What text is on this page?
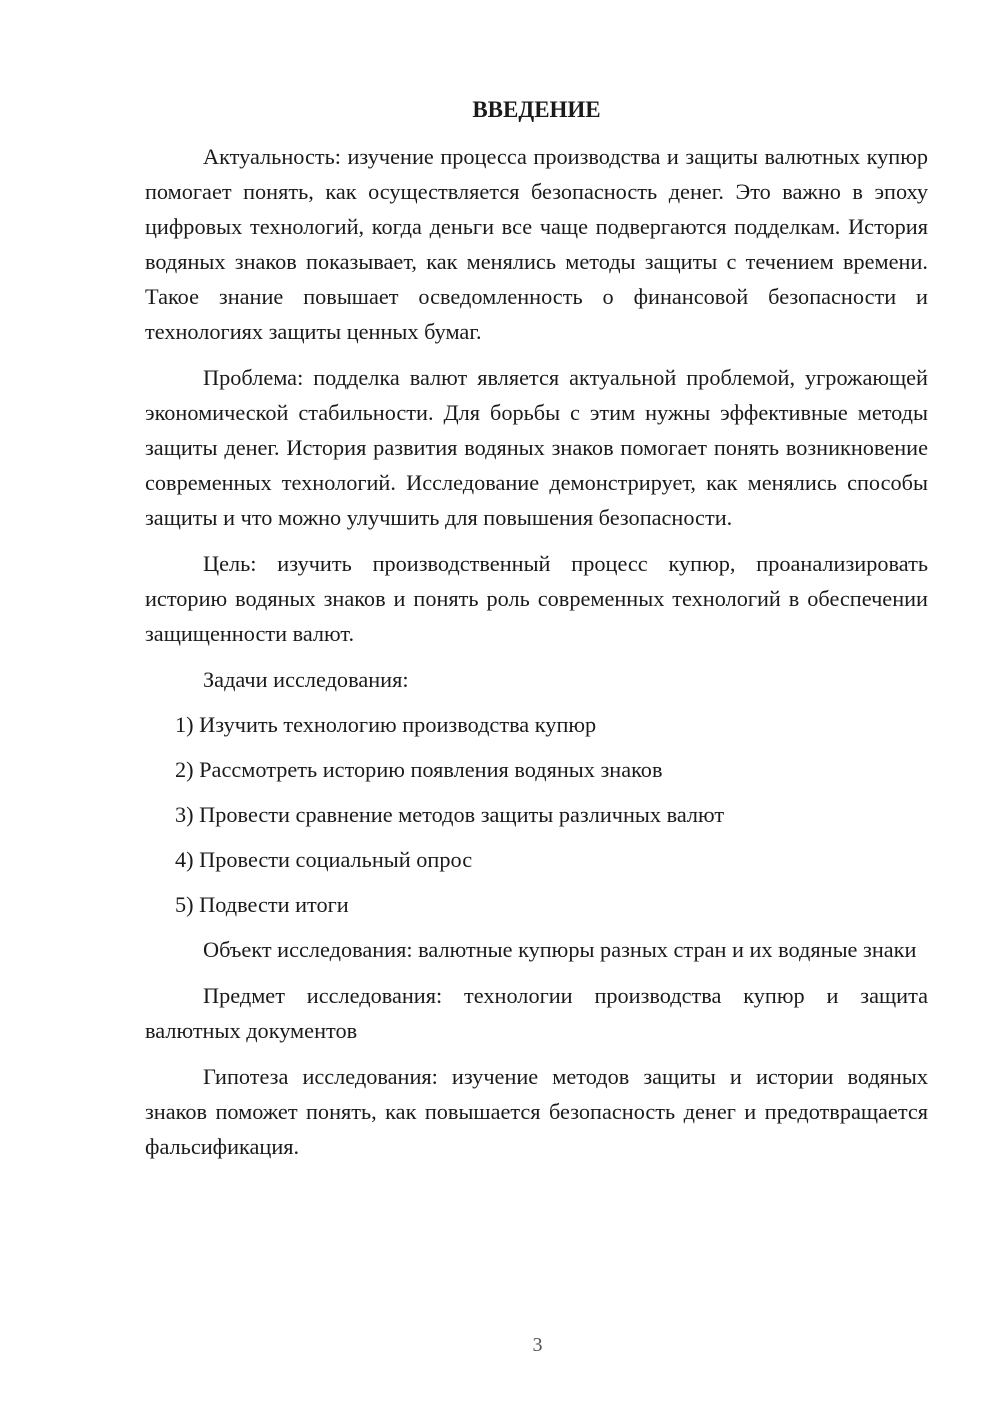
ВВЕДЕНИЕ

Актуальность: изучение процесса производства и защиты валютных купюр помогает понять, как осуществляется безопасность денег. Это важно в эпоху цифровых технологий, когда деньги все чаще подвергаются подделкам. История водяных знаков показывает, как менялись методы защиты с течением времени. Такое знание повышает осведомленность о финансовой безопасности и технологиях защиты ценных бумаг.

Проблема: подделка валют является актуальной проблемой, угрожающей экономической стабильности. Для борьбы с этим нужны эффективные методы защиты денег. История развития водяных знаков помогает понять возникновение современных технологий. Исследование демонстрирует, как менялись способы защиты и что можно улучшить для повышения безопасности.

Цель: изучить производственный процесс купюр, проанализировать историю водяных знаков и понять роль современных технологий в обеспечении защищенности валют.

Задачи исследования:

1) Изучить технологию производства купюр
2) Рассмотреть историю появления водяных знаков
3) Провести сравнение методов защиты различных валют
4) Провести социальный опрос
5) Подвести итоги

Объект исследования: валютные купюры разных стран и их водяные знаки

Предмет исследования: технологии производства купюр и защита валютных документов

Гипотеза исследования: изучение методов защиты и истории водяных знаков поможет понять, как повышается безопасность денег и предотвращается фальсификация.

3
